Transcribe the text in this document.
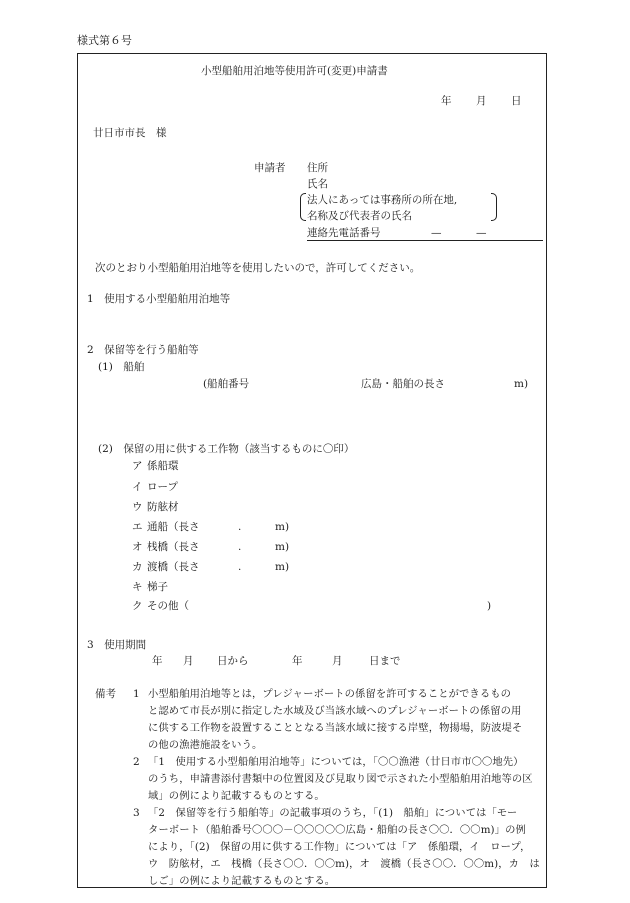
様式第６号
小型船舶用泊地等使用許可(変更)申請書
年 月 日
廿日市市長　様
申請者 住所
氏名
法人にあっては事務所の所在地,
名称及び代表者の氏名
連絡先電話番号	—	—
次のとおり小型船舶用泊地等を使用したいので，許可してください。
1　使用する小型船舶用泊地等
2　保留等を行う船舶等
(1)　船舶
(船舶番号	広島・船舶の長さ	m)
(2)　保留の用に供する工作物（該当するものに〇印）
ア 係船環
イ ロープ
ウ 防舷材
エ 通船（長さ	.	m)
オ 桟橋（長さ	.	m)
カ 渡橋（長さ	.	m)
キ 梯子
ク その他（	)
3　使用期間
年 月 日から	年	月	日まで
備考 1 小型船舶用泊地等とは，プレジャーボートの係留を許可することができるもの
と認めて市長が別に指定した水域及び当該水域へのプレジャーボートの係留の用
に供する工作物を設置することとなる当該水域に接する岸壁，物揚場，防波堤そ
の他の漁港施設をいう。
2 「1　使用する小型船舶用泊地等」については，「〇〇漁港（廿日市市〇〇地先）
のうち，申請書添付書類中の位置図及び見取り図で示された小型船舶用泊地等の区
域」の例により記載するものとする。
3 「2　保留等を行う船舶等」の記載事項のうち，「(1)　船舶」については「モー
ターボート（船舶番号〇〇〇－〇〇〇〇〇広島・船舶の長さ〇〇．〇〇m)」の例
により，「(2)　保留の用に供する工作物」については「ア　係船環，イ　ロープ，
ウ　防舷材，エ　桟橋（長さ〇〇．〇〇m)，オ　渡橋（長さ〇〇．〇〇m)，カ　は
しご」の例により記載するものとする。
